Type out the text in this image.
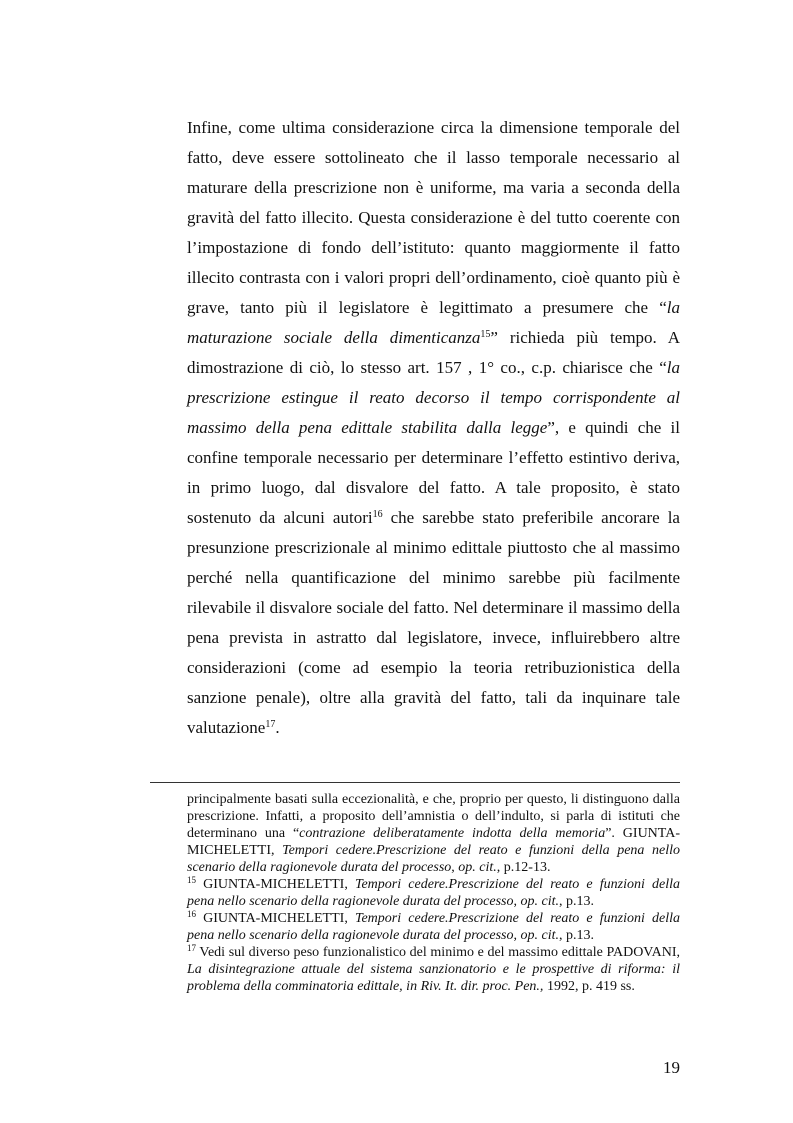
Infine, come ultima considerazione circa la dimensione temporale del fatto, deve essere sottolineato che il lasso temporale necessario al maturare della prescrizione non è uniforme, ma varia a seconda della gravità del fatto illecito. Questa considerazione è del tutto coerente con l’impostazione di fondo dell’istituto: quanto maggiormente il fatto illecito contrasta con i valori propri dell’ordinamento, cioè quanto più è grave, tanto più il legislatore è legittimato a presumere che “la maturazione sociale della dimenticanza$^{15}$” richieda più tempo. A dimostrazione di ciò, lo stesso art. 157 , 1° co., c.p. chiarisce che “la prescrizione estingue il reato decorso il tempo corrispondente al massimo della pena edittale stabilita dalla legge”, e quindi che il confine temporale necessario per determinare l’effetto estintivo deriva, in primo luogo, dal disvalore del fatto. A tale proposito, è stato sostenuto da alcuni autori$^{16}$ che sarebbe stato preferibile ancorare la presunzione prescrizionale al minimo edittale piuttosto che al massimo perché nella quantificazione del minimo sarebbe più facilmente rilevabile il disvalore sociale del fatto. Nel determinare il massimo della pena prevista in astratto dal legislatore, invece, influirebbero altre considerazioni (come ad esempio la teoria retribuzionistica della sanzione penale), oltre alla gravità del fatto, tali da inquinare tale valutazione$^{17}$.

principalmente basati sulla eccezionalità, e che, proprio per questo, li distinguono dalla prescrizione. Infatti, a proposito dell’amnistia o dell’indulto, si parla di istituti che determinano una “contrazione deliberatamente indotta della memoria”. GIUNTA-MICHELETTI, Tempori cedere.Prescrizione del reato e funzioni della pena nello scenario della ragionevole durata del processo, op. cit., p.12-13.

$^{15}$ GIUNTA-MICHELETTI, Tempori cedere.Prescrizione del reato e funzioni della pena nello scenario della ragionevole durata del processo, op. cit., p.13.

$^{16}$ GIUNTA-MICHELETTI, Tempori cedere.Prescrizione del reato e funzioni della pena nello scenario della ragionevole durata del processo, op. cit., p.13.

$^{17}$ Vedi sul diverso peso funzionalistico del minimo e del massimo edittale PADOVANI, La disintegrazione attuale del sistema sanzionatorio e le prospettive di riforma: il problema della comminatoria edittale, in Riv. It. dir. proc. Pen., 1992, p. 419 ss.

19
